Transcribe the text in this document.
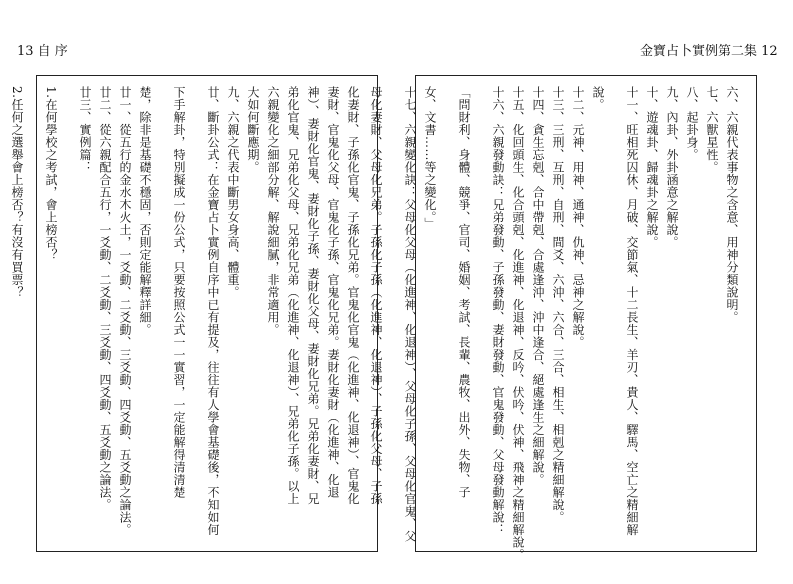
13 自 序	金寶占卜實例第二集 12
化妻財、子孫化官鬼、子孫化兄弟。官鬼化官鬼（化進神、化退神）、官鬼化
妻財、官鬼化父母、官鬼化子孫、官鬼化兄弟。妻財化妻財（化進神、化退
神）、妻財化官鬼、妻財化子孫、妻財化父母、妻財化兄弟。兄弟化妻財、兄
弟化官鬼、兄弟化父母、兄弟化兄弟（化進神、化退神）、兄弟化子孫。以上
六親變化之細部分解、解說細膩，非常適用。
大如何斷應期。
九、六親之代表中斷男女身高、體重。
廿、斷卦公式：在金寶占卜實例自序中已有提及，往往有人學會基礎後，不知如何
下手解卦，特別擬成一份公式，只要按照公式一一實習，一定能解得清清楚
楚，除非是基礎不穩固，否則定能解釋詳細。
廿一、從五行的金水木火土，一爻動、二爻動、三爻動、四爻動、五爻動之論法。
廿二、從六親配合五行，一爻動、二爻動、三爻動、四爻動、五爻動之論法。
廿三、實例篇：
1.在何學校之考試，會上榜否？
2.任何之選舉會上榜否？有沒有買票？	六、六親代表事物之含意、用神分類說明。
七、六獸星性。
八、起卦身。
九、內卦、外卦涵意之解說。
十、遊魂卦、歸魂卦之解說。
十一、旺相死囚休、月破、交節氣、十二長生、羊刃、貴人、驛馬、空亡之精細解
說。
十二、元神、用神、通神、仇神、忌神之解說。
十三、三刑、互刑、自刑、間爻、六沖、六合、三合、相生、相剋之精細解說。
十四、貪生忘剋、合中帶剋、合處逢沖、沖中逢合、絕處逢生之細解說。
十五、化回頭生、化合頭剋、化進神、化退神、反吟、伏吟、伏神、飛神之精細解說。
十六、六親發動訣：兄弟發動、子孫發動、妻財發動、官鬼發動、父母發動解說：
「問財利、身體、競爭、官司、婚姻、考試、長輩、農牧、出外、失物、子
女、文書……等之變化。」
十七、六親變化訣：父母化父母（化進神、化退神）、父母化子孫、父母化官鬼、父
母化妻財、父母化兄弟。子孫化子孫（化進神、化退神）、子孫化父母、子孫
